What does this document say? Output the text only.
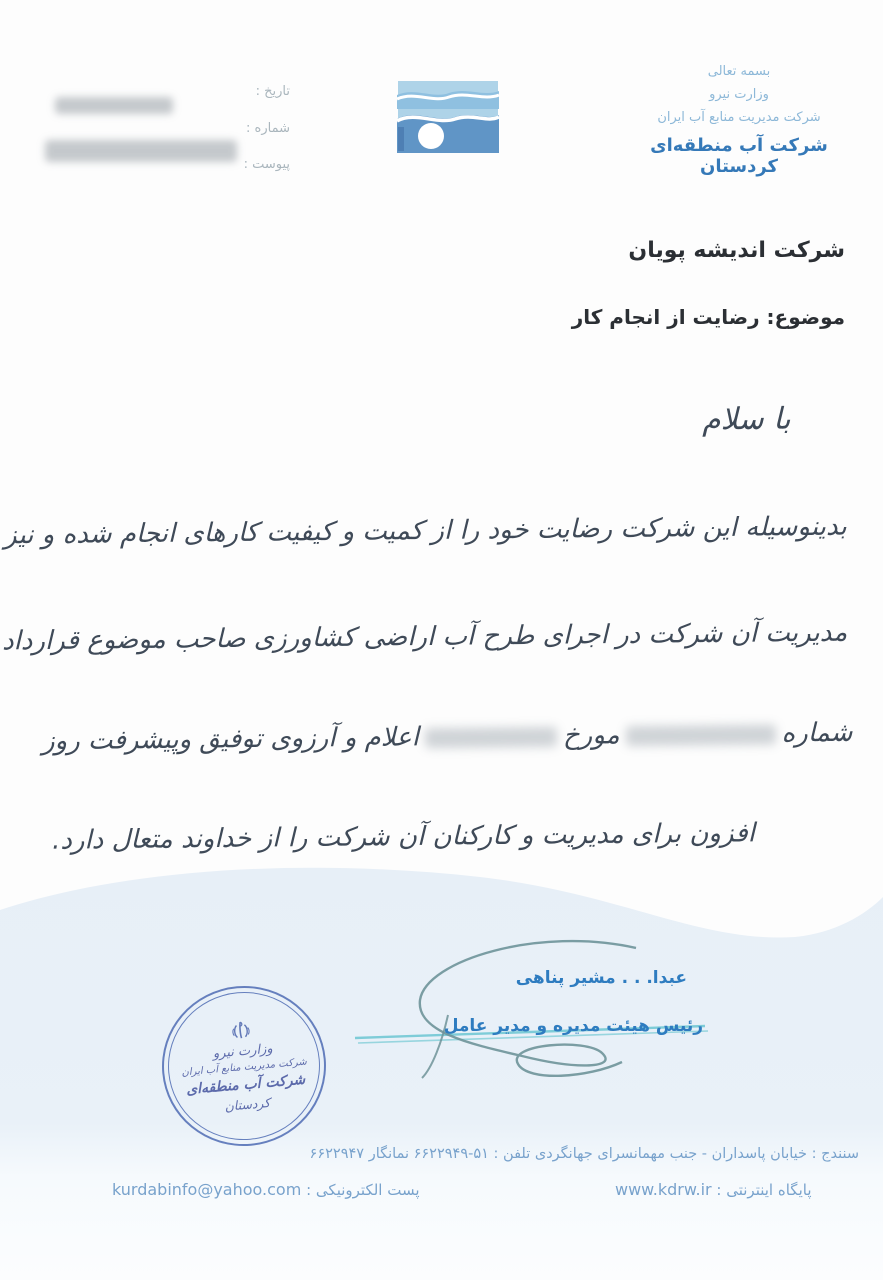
تاریخ :
شماره :
پیوست :
بسمه تعالی
وزارت نیرو
شرکت مدیریت منابع آب ایران
شرکت آب منطقه‌ای کردستان
شرکت اندیشه پویان
موضوع: رضایت از انجام کار
با سلام
بدینوسیله این شرکت رضایت خود را از کمیت و کیفیت کارهای انجام شده و نیز
مدیریت آن شرکت در اجرای طرح آب اراضی کشاورزی صاحب موضوع قرارداد
شمارهمورخاعلام و آرزوی توفیق وپیشرفت روز
افزون برای مدیریت و کارکنان آن شرکت را از خداوند متعال دارد.
عبدا. . . مشیر پناهی
رئیس هیئت مدیره و مدیر عامل
وزارت نیرو
شرکت مدیریت منابع آب ایران
شرکت آب منطقه‌ای
کردستان
سنندج : خیابان پاسداران - جنب مهمانسرای جهانگردی تلفن : ۶۶۲۲۹۴۹-۵۱ نمانگار ۶۶۲۲۹۴۷
پست الکترونیکی : kurdabinfo@yahoo.com	پایگاه اینترنتی : www.kdrw.ir
